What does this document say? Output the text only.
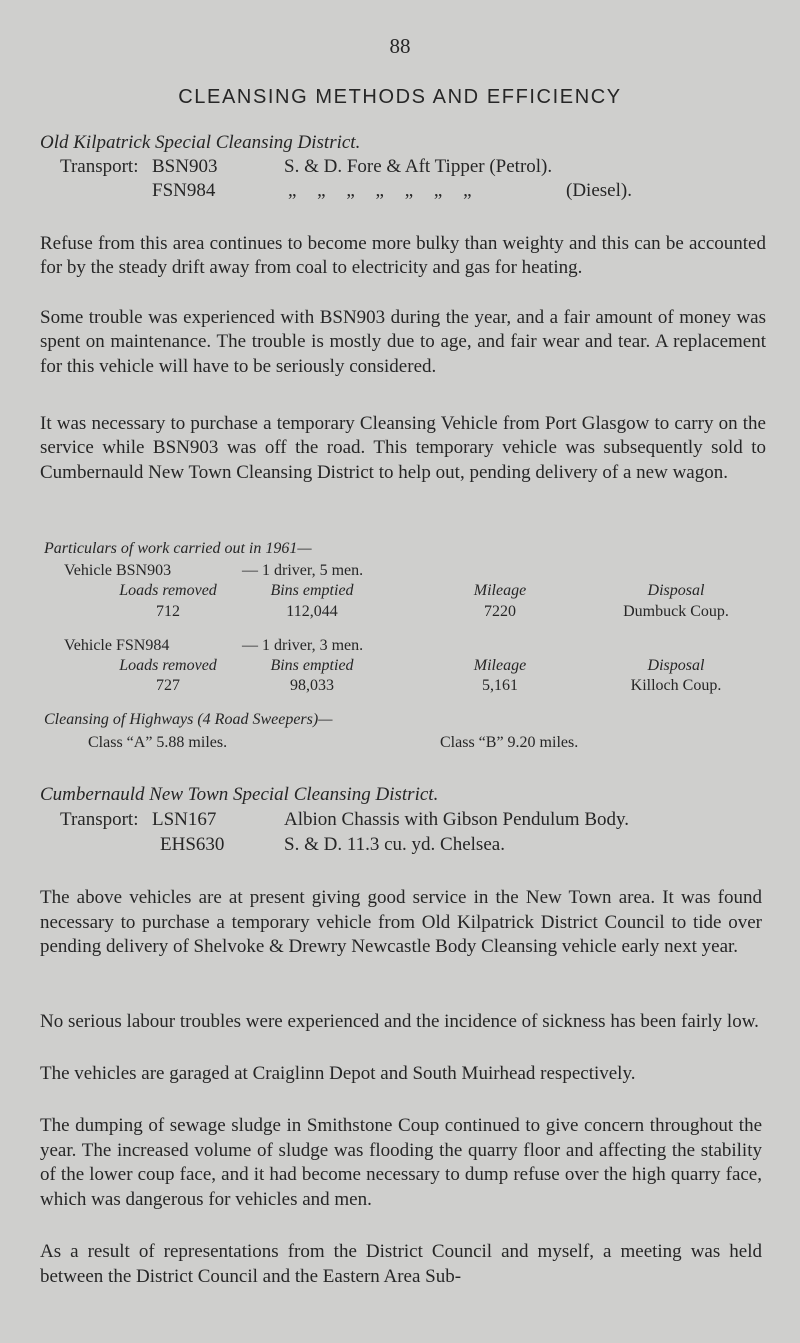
88
CLEANSING METHODS AND EFFICIENCY
Old Kilpatrick Special Cleansing District.
Transport: BSN903	S. & D. Fore & Aft Tipper (Petrol).
FSN984	„ „ „ „ „ „ „	(Diesel).
Refuse from this area continues to become more bulky than weighty and this can be accounted for by the steady drift away from coal to electricity and gas for heating.
Some trouble was experienced with BSN903 during the year, and a fair amount of money was spent on maintenance. The trouble is mostly due to age, and fair wear and tear. A replacement for this vehicle will have to be seriously considered.
It was necessary to purchase a temporary Cleansing Vehicle from Port Glasgow to carry on the service while BSN903 was off the road. This temporary vehicle was subsequently sold to Cumbernauld New Town Cleansing District to help out, pending delivery of a new wagon.
Particulars of work carried out in 1961—
Vehicle BSN903	— 1 driver, 5 men.
Loads removed	Bins emptied	Mileage	Disposal
712	112,044	7220	Dumbuck Coup.
Vehicle FSN984	— 1 driver, 3 men.
Loads removed	Bins emptied	Mileage	Disposal
727	98,033	5,161	Killoch Coup.
Cleansing of Highways (4 Road Sweepers)—
Class “A” 5.88 miles.	Class “B” 9.20 miles.
Cumbernauld New Town Special Cleansing District.
Transport: LSN167	Albion Chassis with Gibson Pendulum Body.
EHS630	S. & D. 11.3 cu. yd. Chelsea.
The above vehicles are at present giving good service in the New Town area. It was found necessary to purchase a temporary vehicle from Old Kilpatrick District Council to tide over pending delivery of Shelvoke & Drewry Newcastle Body Cleansing vehicle early next year.
No serious labour troubles were experienced and the incidence of sickness has been fairly low.
The vehicles are garaged at Craiglinn Depot and South Muirhead respectively.
The dumping of sewage sludge in Smithstone Coup continued to give concern throughout the year. The increased volume of sludge was flooding the quarry floor and affecting the stability of the lower coup face, and it had become necessary to dump refuse over the high quarry face, which was dangerous for vehicles and men.
As a result of representations from the District Council and myself, a meeting was held between the District Council and the Eastern Area Sub-
